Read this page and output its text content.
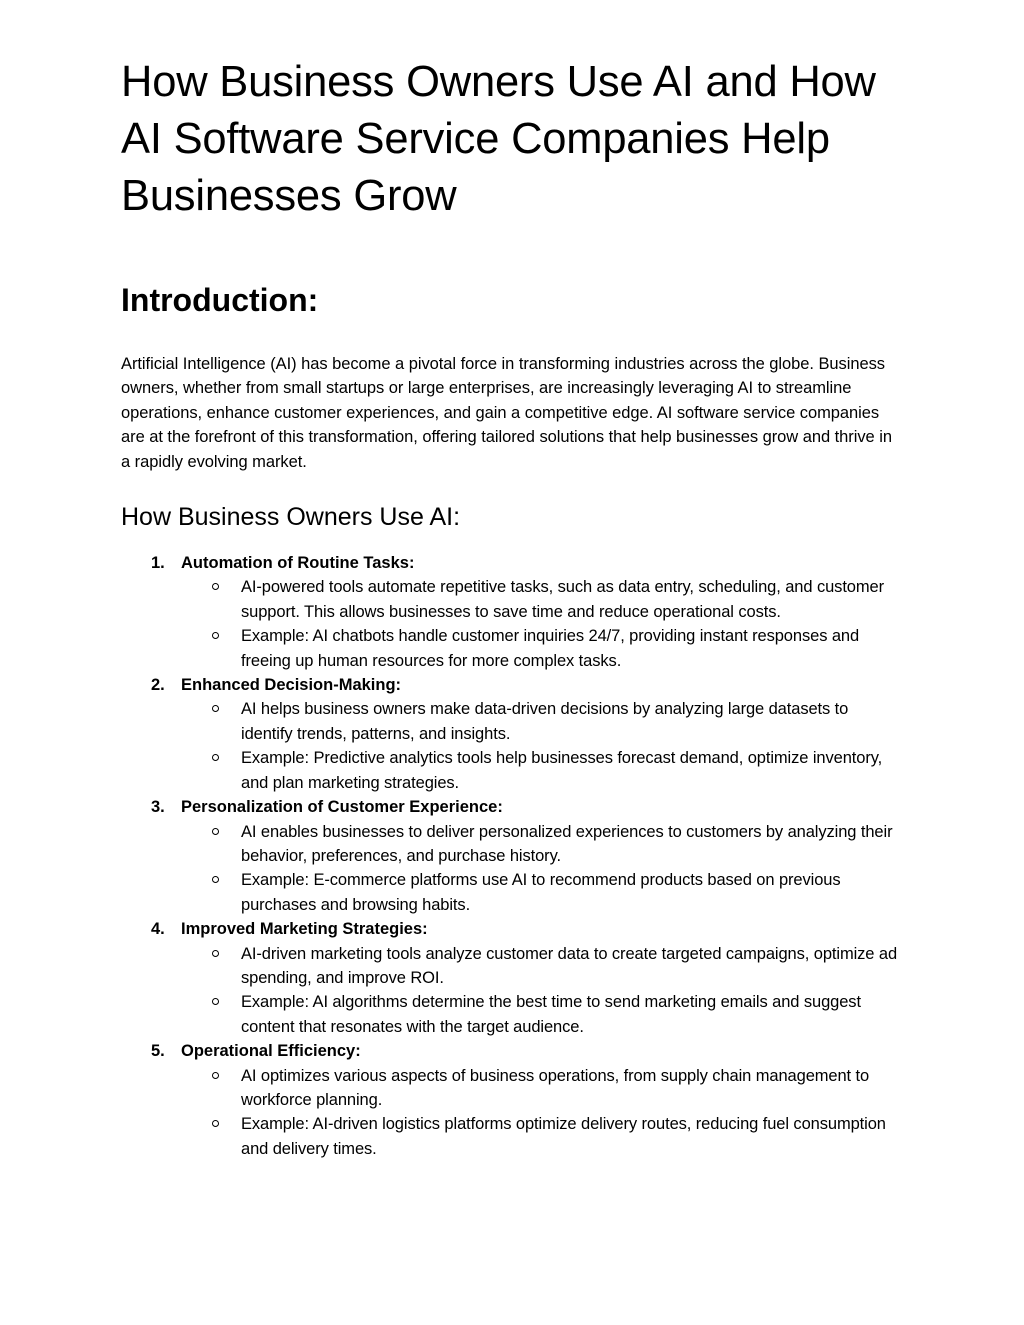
How Business Owners Use AI and How AI Software Service Companies Help Businesses Grow
Introduction:

Artificial Intelligence (AI) has become a pivotal force in transforming industries across the globe. Business owners, whether from small startups or large enterprises, are increasingly leveraging AI to streamline operations, enhance customer experiences, and gain a competitive edge. AI software service companies are at the forefront of this transformation, offering tailored solutions that help businesses grow and thrive in a rapidly evolving market.

How Business Owners Use AI:
1. Automation of Routine Tasks:
AI-powered tools automate repetitive tasks, such as data entry, scheduling, and customer support. This allows businesses to save time and reduce operational costs.
Example: AI chatbots handle customer inquiries 24/7, providing instant responses and freeing up human resources for more complex tasks.
2. Enhanced Decision-Making:
AI helps business owners make data-driven decisions by analyzing large datasets to identify trends, patterns, and insights.
Example: Predictive analytics tools help businesses forecast demand, optimize inventory, and plan marketing strategies.
3. Personalization of Customer Experience:
AI enables businesses to deliver personalized experiences to customers by analyzing their behavior, preferences, and purchase history.
Example: E-commerce platforms use AI to recommend products based on previous purchases and browsing habits.
4. Improved Marketing Strategies:
AI-driven marketing tools analyze customer data to create targeted campaigns, optimize ad spending, and improve ROI.
Example: AI algorithms determine the best time to send marketing emails and suggest content that resonates with the target audience.
5. Operational Efficiency:
AI optimizes various aspects of business operations, from supply chain management to workforce planning.
Example: AI-driven logistics platforms optimize delivery routes, reducing fuel consumption and delivery times.
